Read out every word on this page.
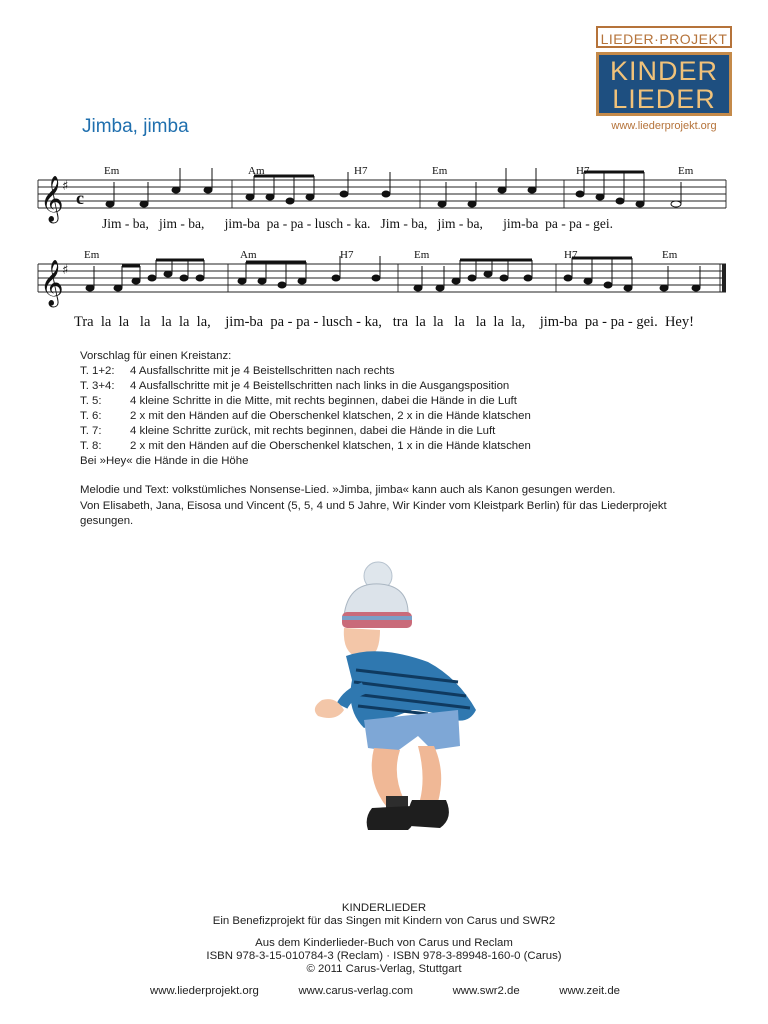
LIEDER·PROJEKT
KINDER
LIEDER
www.liederprojekt.org
Jimba, jimba
Em	Am	H7	Em	H7	Em
Em	Am	H7	Em	H7	Em
𝄞
♯
c
𝄞
♯
Jim - ba,   jim - ba,      jim-ba  pa - pa - lusch - ka.   Jim - ba,   jim - ba,      jim-ba  pa - pa - gei.
Tra  la  la   la   la  la  la,    jim-ba  pa - pa - lusch - ka,   tra  la  la   la   la  la  la,    jim-ba  pa - pa - gei.  Hey!

Vorschlag für einen Kreistanz:

T. 1+2:	4 Ausfallschritte mit je 4 Beistellschritten nach rechts
T. 3+4:	4 Ausfallschritte mit je 4 Beistellschritten nach links in die Ausgangsposition
T. 5:	4 kleine Schritte in die Mitte, mit rechts beginnen, dabei die Hände in die Luft
T. 6:	2 x mit den Händen auf die Oberschenkel klatschen, 2 x in die Hände klatschen
T. 7:	4 kleine Schritte zurück, mit rechts beginnen, dabei die Hände in die Luft
T. 8:	2 x mit den Händen auf die Oberschenkel klatschen, 1 x in die Hände klatschen

Bei »Hey« die Hände in die Höhe

Melodie und Text: volkstümliches Nonsense-Lied. »Jimba, jimba« kann auch als Kanon gesungen werden.

Von Elisabeth, Jana, Eisosa und Vincent (5, 5, 4 und 5 Jahre, Wir Kinder vom Kleistpark Berlin) für das Liederprojekt gesungen.

KINDERLIEDER
Ein Benefizprojekt für das Singen mit Kindern von Carus und SWR2
Aus dem Kinderlieder-Buch von Carus und Reclam
ISBN 978-3-15-010784-3 (Reclam) · ISBN 978-3-89948-160-0 (Carus)
© 2011 Carus-Verlag, Stuttgart
www.liederprojekt.org	www.carus-verlag.com	www.swr2.de	www.zeit.de
